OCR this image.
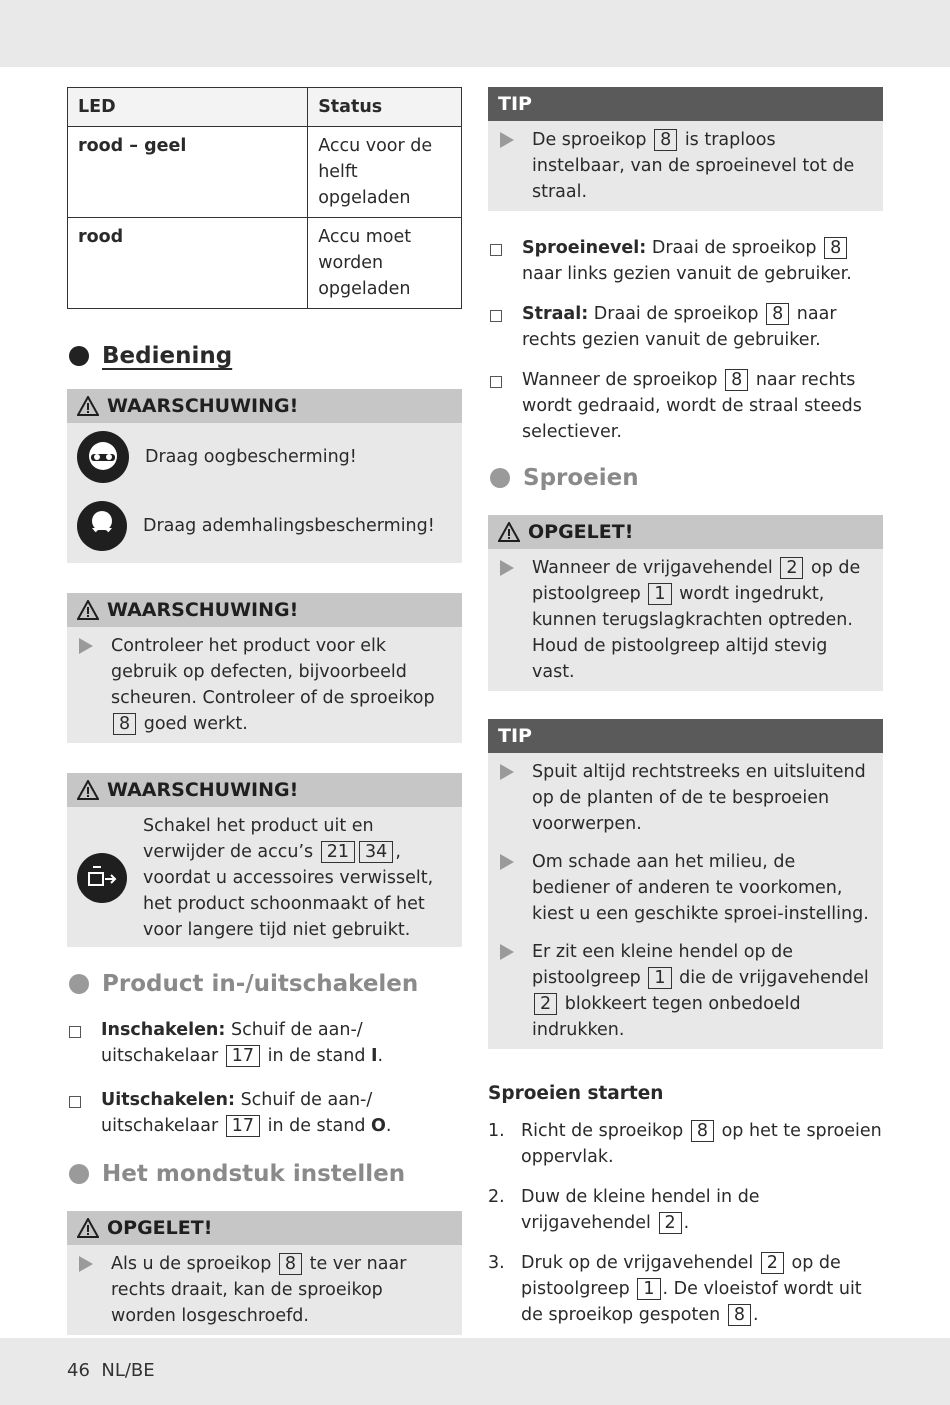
LED	Status
rood – geel	Accu voor de helft opgeladen
rood	Accu moet worden opgeladen
Bediening
WAARSCHUWING!
Draag oogbescherming!
Draag ademhalingsbescherming!
WAARSCHUWING!
Controleer het product voor elk gebruik op defecten, bijvoorbeeld scheuren. Controleer of de sproeikop 8 goed werkt.
WAARSCHUWING!
Schakel het product uit en verwijder de accu’s 21 34 , voordat u accessoires verwisselt, het product schoonmaakt of het voor langere tijd niet gebruikt.
Product in-/uitschakelen
Inschakelen: Schuif de aan-/ uitschakelaar 17 in de stand I.
Uitschakelen: Schuif de aan-/ uitschakelaar 17 in de stand O.
Het mondstuk instellen
OPGELET!
Als u de sproeikop 8 te ver naar rechts draait, kan de sproeikop worden losgeschroefd.
TIP
De sproeikop 8 is traploos instelbaar, van de sproeinevel tot de straal.
Sproeinevel: Draai de sproeikop 8 naar links gezien vanuit de gebruiker.
Straal: Draai de sproeikop 8 naar rechts gezien vanuit de gebruiker.
Wanneer de sproeikop 8 naar rechts wordt gedraaid, wordt de straal steeds selectiever.
Sproeien
OPGELET!
Wanneer de vrijgavehendel 2 op de pistoolgreep 1 wordt ingedrukt, kunnen terugslagkrachten optreden. Houd de pistoolgreep altijd stevig vast.
TIP
Spuit altijd rechtstreeks en uitsluitend op de planten of de te besproeien voorwerpen.
Om schade aan het milieu, de bediener of anderen te voorkomen, kiest u een geschikte sproei-instelling.
Er zit een kleine hendel op de pistoolgreep 1 die de vrijgavehendel 2 blokkeert tegen onbedoeld indrukken.
Sproeien starten
1. Richt de sproeikop 8 op het te sproeien oppervlak.
2. Duw de kleine hendel in de vrijgavehendel 2 .
3. Druk op de vrijgavehendel 2 op de pistoolgreep 1 . De vloeistof wordt uit de sproeikop gespoten 8 .
46 NL/BE
